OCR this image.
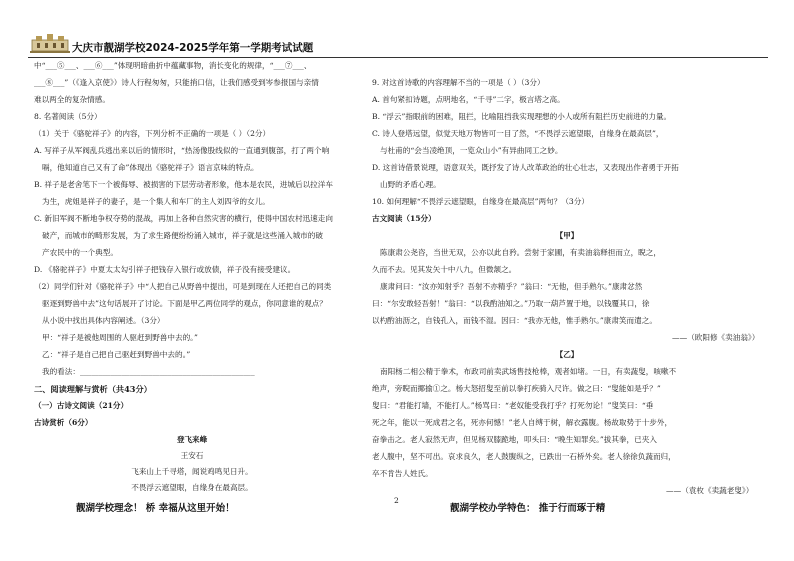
大庆市靓湖学校2024-2025学年第一学期考试试题
中“___⑤___、___⑥___”体现明暗曲折中蕴藏事物，消长变化的规律，“___⑦___、
___⑧___”（《逢入京使》）诗人行程匆匆，只能捎口信，让我们感受到岑参报国与亲情
难以两全的复杂情感。
8. 名著阅读（5分）
（1）关于《骆驼祥子》的内容，下列分析不正确的一项是（ ）（2分）
A. 写祥子从军阀乱兵逃出来以后的情形时，“热汤像股线似的一直通到腹部，打了两个响
嗝，他知道自己又有了命”体现出《骆驼祥子》语言京味的特点。
B. 祥子是老舍笔下一个被侮辱、被损害的下层劳动者形象，他本是农民，进城后以拉洋车
为生，虎姐是祥子的妻子，是一个集人和车厂的主人刘四爷的女儿。
C. 新旧军阀不断地争权夺势的混战，再加上各种自然灾害的横行，使得中国农村迅速走向
破产，而城市的畸形发展，为了求生路便纷纷涌入城市，祥子就是这些涌入城市的破
产农民中的一个典型。
D. 《骆驼祥子》中夏太太勾引祥子把钱存入银行或放债，祥子没有接受建议。
（2）同学们针对《骆驼祥子》中“人把自己从野兽中提出，可是到现在人还把自己的同类
驱逐到野兽中去”这句话展开了讨论。下面是甲乙两位同学的观点，你同意谁的观点？
从小说中找出具体内容阐述。（3分）
甲：“祥子是被他周围的人驱赶到野兽中去的。”
乙：“祥子是自己把自己驱赶到野兽中去的。”
我的看法：______________________________________________
二、阅读理解与赏析（共43分）
（一）古诗文阅读（21分）
古诗赏析（6分）
登飞来峰
王安石
飞来山上千寻塔，闻说鸡鸣见日升。
不畏浮云遮望眼，自缘身在最高层。
9. 对这首诗歌的内容理解不当的一项是（ ）（3分）
A. 首句紧扣诗题，点明地名，“千寻”二字，极言塔之高。
B. “浮云”指眼前的困难，阻拦，比喻阻挡我实现理想的小人或所有阻拦历史前进的力量。
C. 诗人登塔远望，似觉天地万物皆可一目了然，“不畏浮云遮望眼，自缘身在最高层”，
与杜甫的“会当凌绝顶，一览众山小”有异曲同工之妙。
D. 这首诗借景说理，语意双关，既抒发了诗人改革政治的壮心壮志，又表现出作者勇于开拓
山野的矛盾心理。
10. 如何理解“不畏浮云遮望眼，自缘身在最高层”两句？（3分）
古文阅读（15分）
【甲】
陈康肃公尧咨，当世无双，公亦以此自矜。尝射于家圃，有卖油翁释担而立，睨之，
久而不去。见其发矢十中八九，但微颔之。
康肃问曰：“汝亦知射乎？吾射不亦精乎？”翁曰：“无他，但手熟尔。”康肃忿然
曰：“尔安敢轻吾射！”翁曰：“以我酌油知之。”乃取一葫芦置于地，以钱覆其口，徐
以杓酌油沥之，自钱孔入，而钱不湿。因曰：“我亦无他，惟手熟尔。”康肃笑而遣之。
——（欧阳修《卖油翁》）
【乙】
南阳杨二相公精于拳术，布政司前卖武场售技枪棒，观者如堵。一日，有卖蔬叟，咳嗽不
绝声，旁睨而揶揄①之。杨大怒招叟至前以拳打疾骑入尺许。做之曰：“叟能如是乎？”
叟曰：“君能打墙，不能打人。”杨骂曰：“老奴能受我打乎？打死勿论！”叟笑曰：“垂
死之年，能以一死成君之名，死亦何憾！”老人自缚于树，解衣露腹。杨故取势于十步外，
奋拳击之。老人寂然无声，但见杨双膝跪地，叩头曰：“晚生知罪矣。”拔其拳，已夹入
老人腹中，坚不可出。哀求良久，老人鼓腹纵之，已跌出一石桥外矣。老人徐徐负蔬而归，
卒不肯告人姓氏。
——（袁枚《卖蔬老叟》）
靓湖学校理念！ 桥 幸福从这里开始！
2
靓湖学校办学特色： 推于行而琢于精
